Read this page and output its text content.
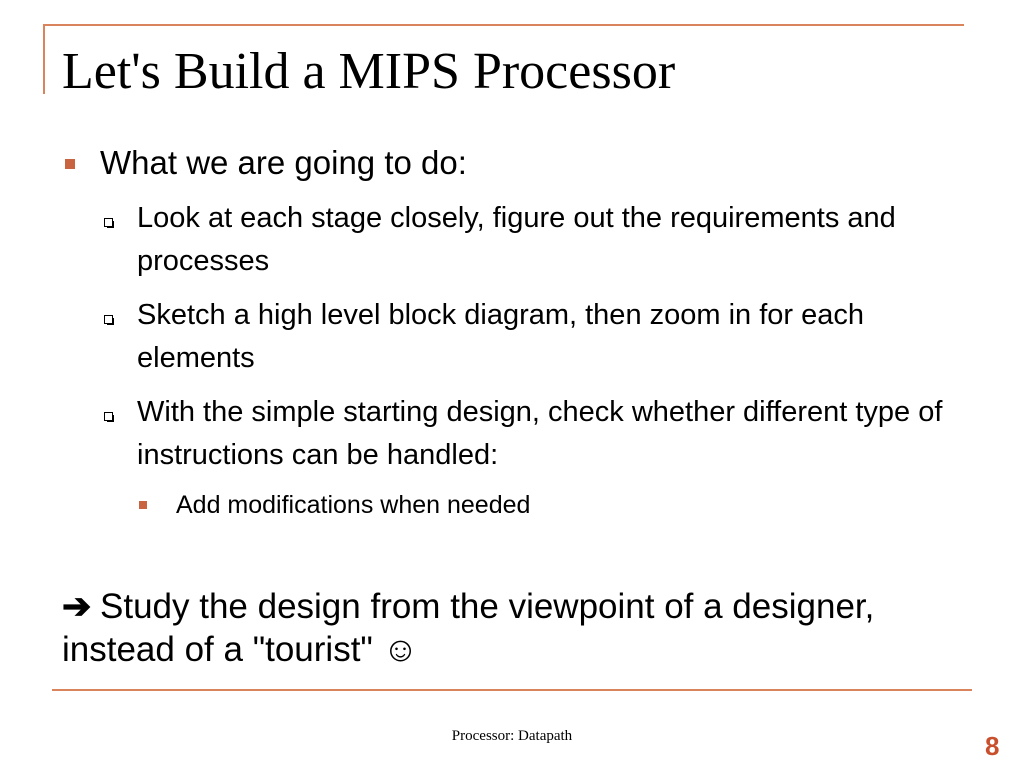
Let's Build a MIPS Processor
What we are going to do:
Look at each stage closely, figure out the requirements and processes
Sketch a high level block diagram, then zoom in for each elements
With the simple starting design, check whether different type of instructions can be handled:
Add modifications when needed
➔ Study the design from the viewpoint of a designer, instead of a "tourist" ☺
Processor: Datapath	8
